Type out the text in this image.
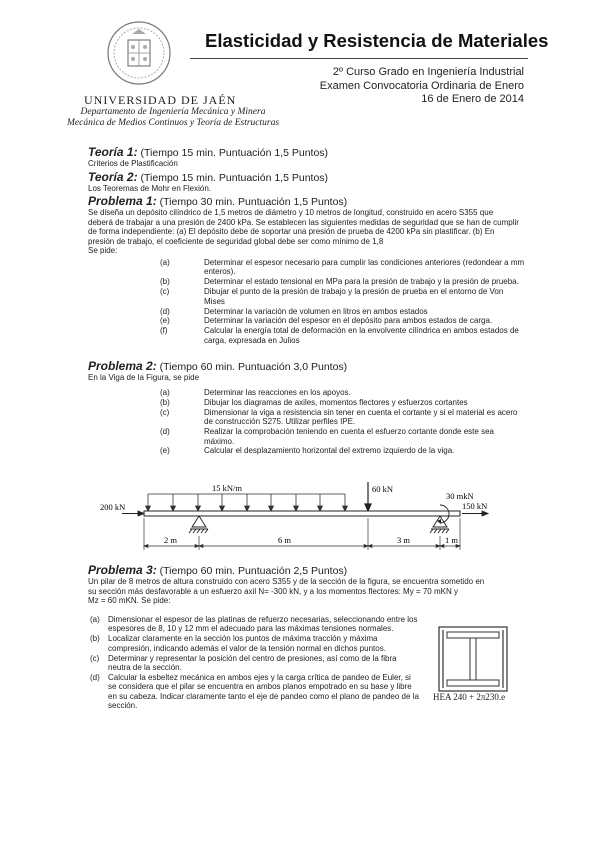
Elasticidad y Resistencia de Materiales
2º Curso Grado en Ingeniería Industrial
Examen Convocatoria Ordinaria de Enero
16 de Enero de 2014
UNIVERSIDAD DE JAÉN
Departamento de Ingeniería Mecánica y Minera
Mecánica de Medios Continuos y Teoría de Estructuras
Teoría 1: (Tiempo 15 min. Puntuación 1,5 Puntos)
Criterios de Plastificación
Teoría 2: (Tiempo 15 min. Puntuación 1,5 Puntos)
Los Teoremas de Mohr en Flexión.
Problema 1: (Tiempo 30 min. Puntuación 1,5 Puntos)
Se diseña un depósito cilíndrico de 1,5 metros de diámetro y 10 metros de longitud, construido en acero S355 que deberá de trabajar a una presión de 2400 kPa. Se establecen las siguientes medidas de seguridad que se han de cumplir de forma independiente: (a) El depósito debe de soportar una presión de prueba de 4200 kPa sin plastificar. (b) En presión de trabajo, el coeficiente de seguridad global debe ser como mínimo de 1,8
Se pide:
(a)	Determinar el espesor necesario para cumplir las condiciones anteriores (redondear a mm enteros).
(b)	Determinar el estado tensional en MPa para la presión de trabajo y la presión de prueba.
(c)	Dibujar el punto de la presión de trabajo y la presión de prueba en el entorno de Von Mises
(d)	Determinar la variación de volumen en litros en ambos estados
(e)	Determinar la variación del espesor en el depósito para ambos estados de carga.
(f)	Calcular la energía total de deformación en la envolvente cilíndrica en ambos estados de carga, expresada en Julios
Problema 2: (Tiempo 60 min. Puntuación 3,0 Puntos)
En la Viga de la Figura, se pide
(a)	Determinar las reacciones en los apoyos.
(b)	Dibujar los diagramas de axiles, momentos flectores y esfuerzos cortantes
(c)	Dimensionar la viga a resistencia sin tener en cuenta el cortante y si el material es acero de construcción S275. Utilizar perfiles IPE.
(d)	Realizar la comprobación teniendo en cuenta el esfuerzo cortante donde este sea máximo.
(e)	Calcular el desplazamiento horizontal del extremo izquierdo de la viga.
15 kN/m	60 kN
200 kN	150 kN
30 mkN
2 m	6 m	3 m	1 m
Problema 3: (Tiempo 60 min. Puntuación 2,5 Puntos)
Un pilar de 8 metros de altura construido con acero S355 y de la sección de la figura, se encuentra sometido en
su sección más desfavorable a un esfuerzo axil N= -300 kN, y a los momentos flectores: My = 70 mKN y
Mz = 60 mKN. Se pide:
(a)	Dimensionar el espesor de las platinas de refuerzo necesarias, seleccionando entre los espesores de 8, 10 y 12 mm el adecuado para las máximas tensiones normales.
(b)	Localizar claramente en la sección los puntos de máxima tracción y máxima compresión, indicando además el valor de la tensión normal en dichos puntos.
(c)	Determinar y representar la posición del centro de presiones, así como de la fibra neutra de la sección.
(d)	Calcular la esbeltez mecánica en ambos ejes y la carga crítica de pandeo de Euler, si se considera que el pilar se encuentra en ambos planos empotrado en su base y libre en su cabeza. Indicar claramente tanto el eje de pandeo como el plano de pandeo de la sección.
HEA 240 + 2π230.e
